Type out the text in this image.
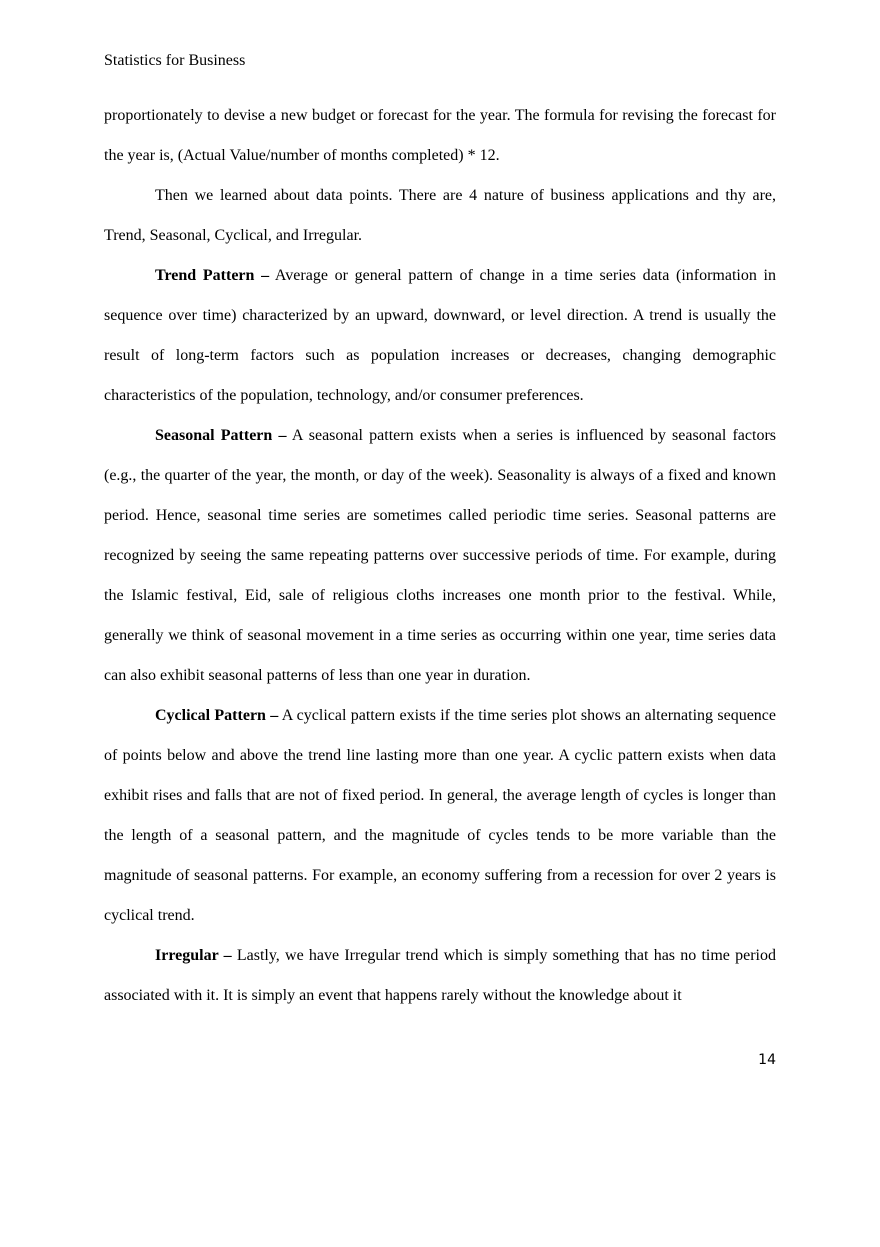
Statistics for Business

proportionately to devise a new budget or forecast for the year. The formula for revising the forecast for the year is, (Actual Value/number of months completed) * 12.

Then we learned about data points. There are 4 nature of business applications and thy are, Trend, Seasonal, Cyclical, and Irregular.

Trend Pattern – Average or general pattern of change in a time series data (information in sequence over time) characterized by an upward, downward, or level direction. A trend is usually the result of long-term factors such as population increases or decreases, changing demographic characteristics of the population, technology, and/or consumer preferences.

Seasonal Pattern – A seasonal pattern exists when a series is influenced by seasonal factors (e.g., the quarter of the year, the month, or day of the week). Seasonality is always of a fixed and known period. Hence, seasonal time series are sometimes called periodic time series. Seasonal patterns are recognized by seeing the same repeating patterns over successive periods of time. For example, during the Islamic festival, Eid, sale of religious cloths increases one month prior to the festival. While, generally we think of seasonal movement in a time series as occurring within one year, time series data can also exhibit seasonal patterns of less than one year in duration.

Cyclical Pattern – A cyclical pattern exists if the time series plot shows an alternating sequence of points below and above the trend line lasting more than one year. A cyclic pattern exists when data exhibit rises and falls that are not of fixed period. In general, the average length of cycles is longer than the length of a seasonal pattern, and the magnitude of cycles tends to be more variable than the magnitude of seasonal patterns. For example, an economy suffering from a recession for over 2 years is cyclical trend.

Irregular – Lastly, we have Irregular trend which is simply something that has no time period associated with it. It is simply an event that happens rarely without the knowledge about it

14
